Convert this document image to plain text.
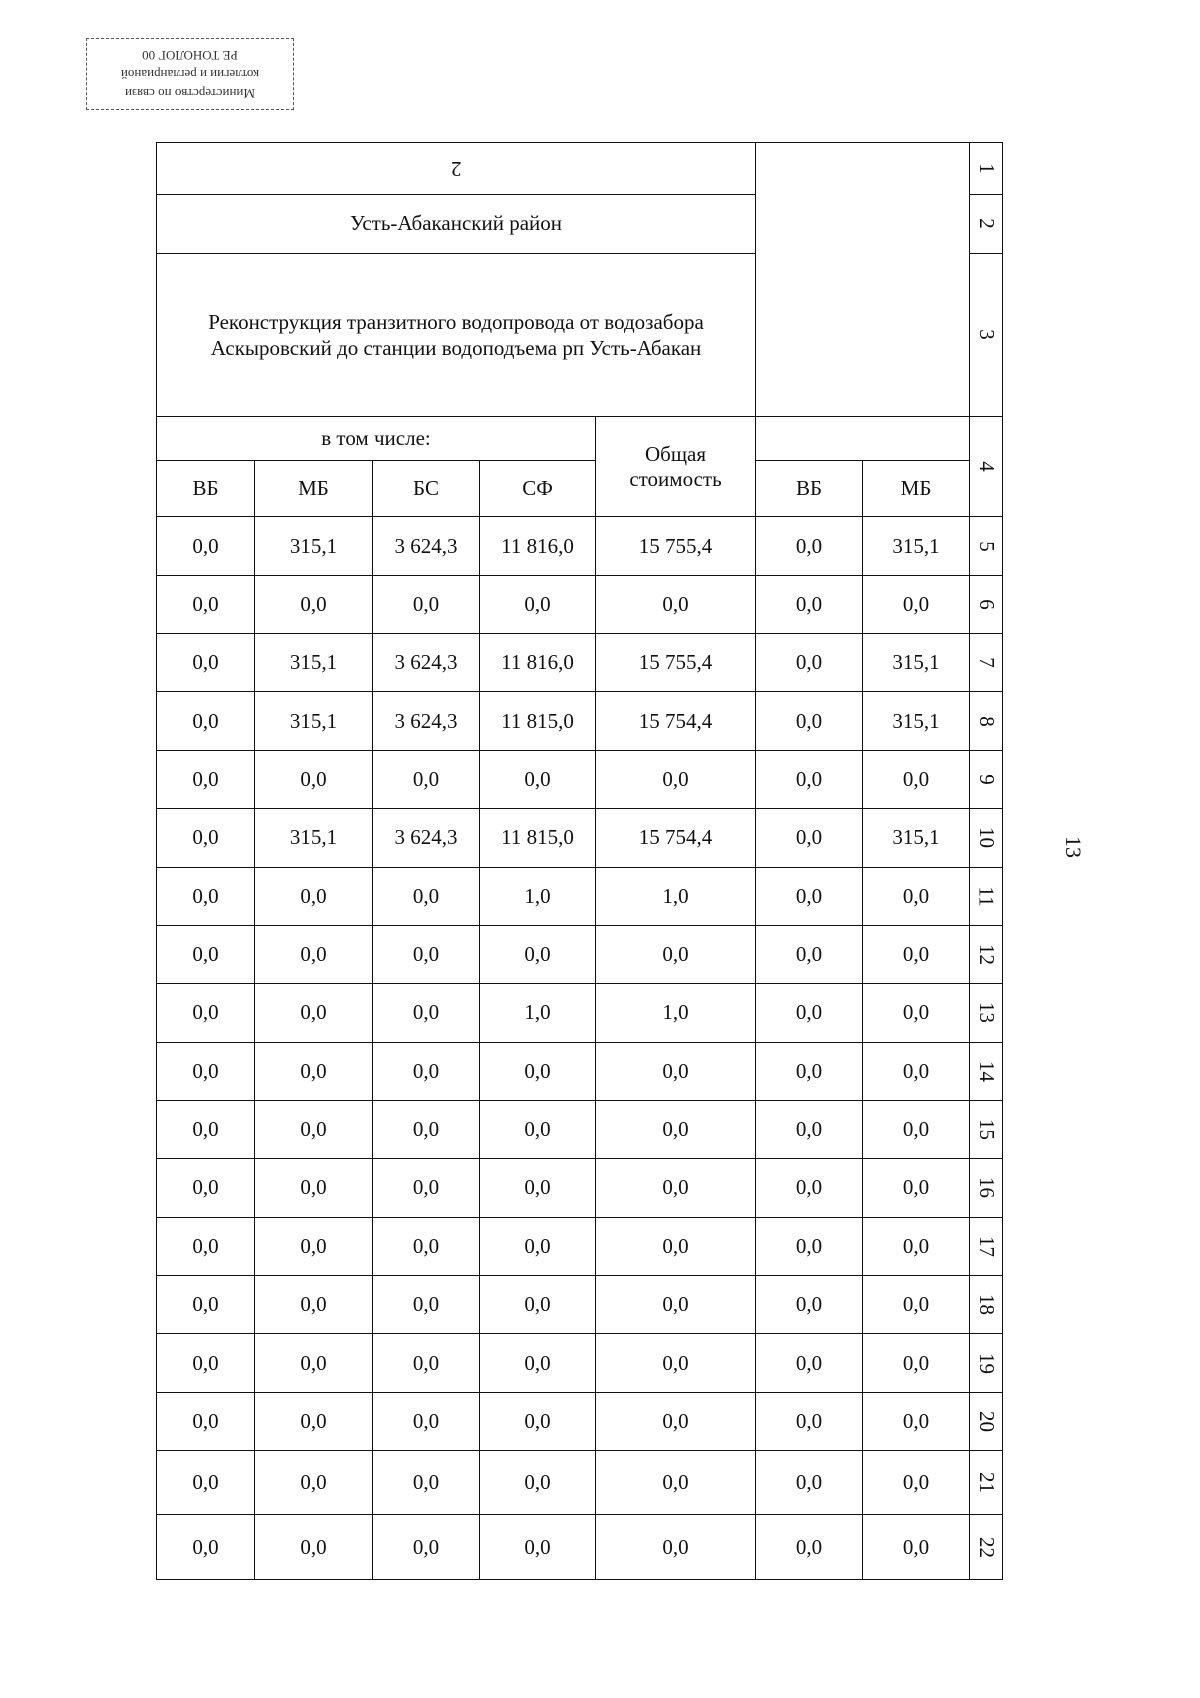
Министерство по связи
котлегии и регланрианой
РЕ ТОНОЛОГ 00
2							1
Усть-Абаканский район							2

Реконструкция транзитного водопровода от водозабора
Аскыровский до станции водоподъема рп Усть-Абакан							3
в том числе:				Общая
стоимость			4
ВБ	МБ	БС	СФ		ВБ	МБ	
0,0	315,1	3 624,3	11 816,0	15 755,4	0,0	315,1	5
0,0	0,0	0,0	0,0	0,0	0,0	0,0	6
0,0	315,1	3 624,3	11 816,0	15 755,4	0,0	315,1	7
0,0	315,1	3 624,3	11 815,0	15 754,4	0,0	315,1	8
0,0	0,0	0,0	0,0	0,0	0,0	0,0	9
0,0	315,1	3 624,3	11 815,0	15 754,4	0,0	315,1	10
0,0	0,0	0,0	1,0	1,0	0,0	0,0	11
0,0	0,0	0,0	0,0	0,0	0,0	0,0	12
0,0	0,0	0,0	1,0	1,0	0,0	0,0	13
0,0	0,0	0,0	0,0	0,0	0,0	0,0	14
0,0	0,0	0,0	0,0	0,0	0,0	0,0	15
0,0	0,0	0,0	0,0	0,0	0,0	0,0	16
0,0	0,0	0,0	0,0	0,0	0,0	0,0	17
0,0	0,0	0,0	0,0	0,0	0,0	0,0	18
0,0	0,0	0,0	0,0	0,0	0,0	0,0	19
0,0	0,0	0,0	0,0	0,0	0,0	0,0	20
0,0	0,0	0,0	0,0	0,0	0,0	0,0	21
0,0	0,0	0,0	0,0	0,0	0,0	0,0	22
13
